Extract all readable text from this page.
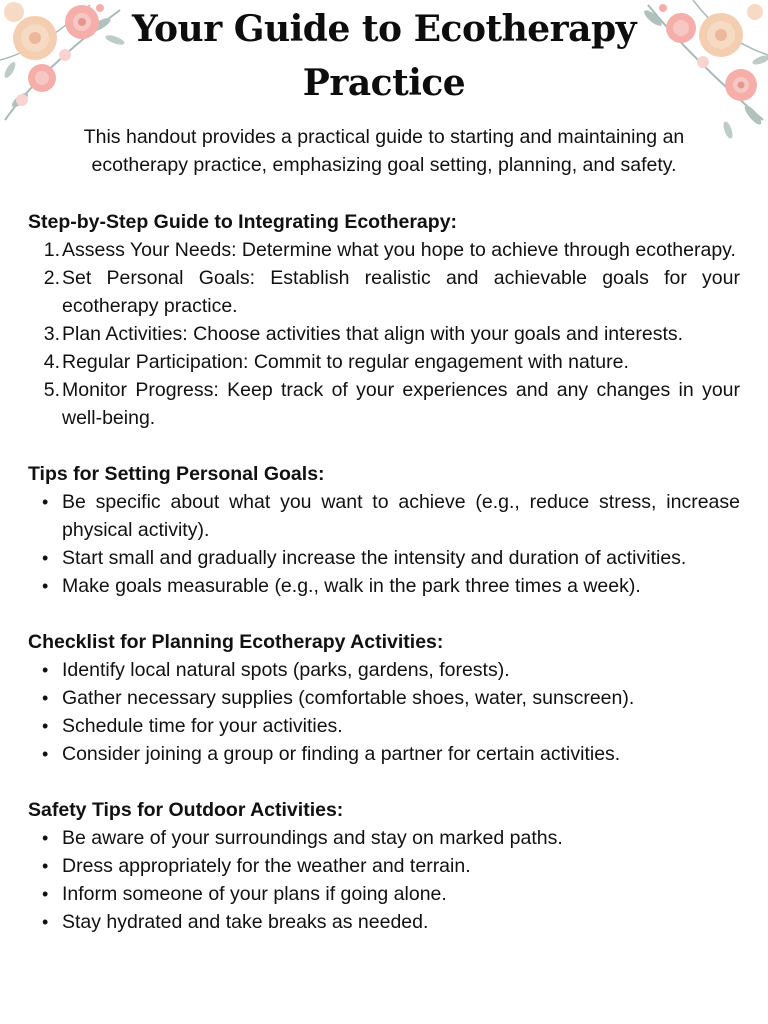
Your Guide to Ecotherapy Practice

This handout provides a practical guide to starting and maintaining an ecotherapy practice, emphasizing goal setting, planning, and safety.

Step-by-Step Guide to Integrating Ecotherapy:
1. Assess Your Needs: Determine what you hope to achieve through ecotherapy.
2. Set Personal Goals: Establish realistic and achievable goals for your ecotherapy practice.
3. Plan Activities: Choose activities that align with your goals and interests.
4. Regular Participation: Commit to regular engagement with nature.
5. Monitor Progress: Keep track of your experiences and any changes in your well-being.
Tips for Setting Personal Goals:
• Be specific about what you want to achieve (e.g., reduce stress, increase physical activity).
• Start small and gradually increase the intensity and duration of activities.
• Make goals measurable (e.g., walk in the park three times a week).
Checklist for Planning Ecotherapy Activities:
• Identify local natural spots (parks, gardens, forests).
• Gather necessary supplies (comfortable shoes, water, sunscreen).
• Schedule time for your activities.
• Consider joining a group or finding a partner for certain activities.
Safety Tips for Outdoor Activities:
• Be aware of your surroundings and stay on marked paths.
• Dress appropriately for the weather and terrain.
• Inform someone of your plans if going alone.
• Stay hydrated and take breaks as needed.
